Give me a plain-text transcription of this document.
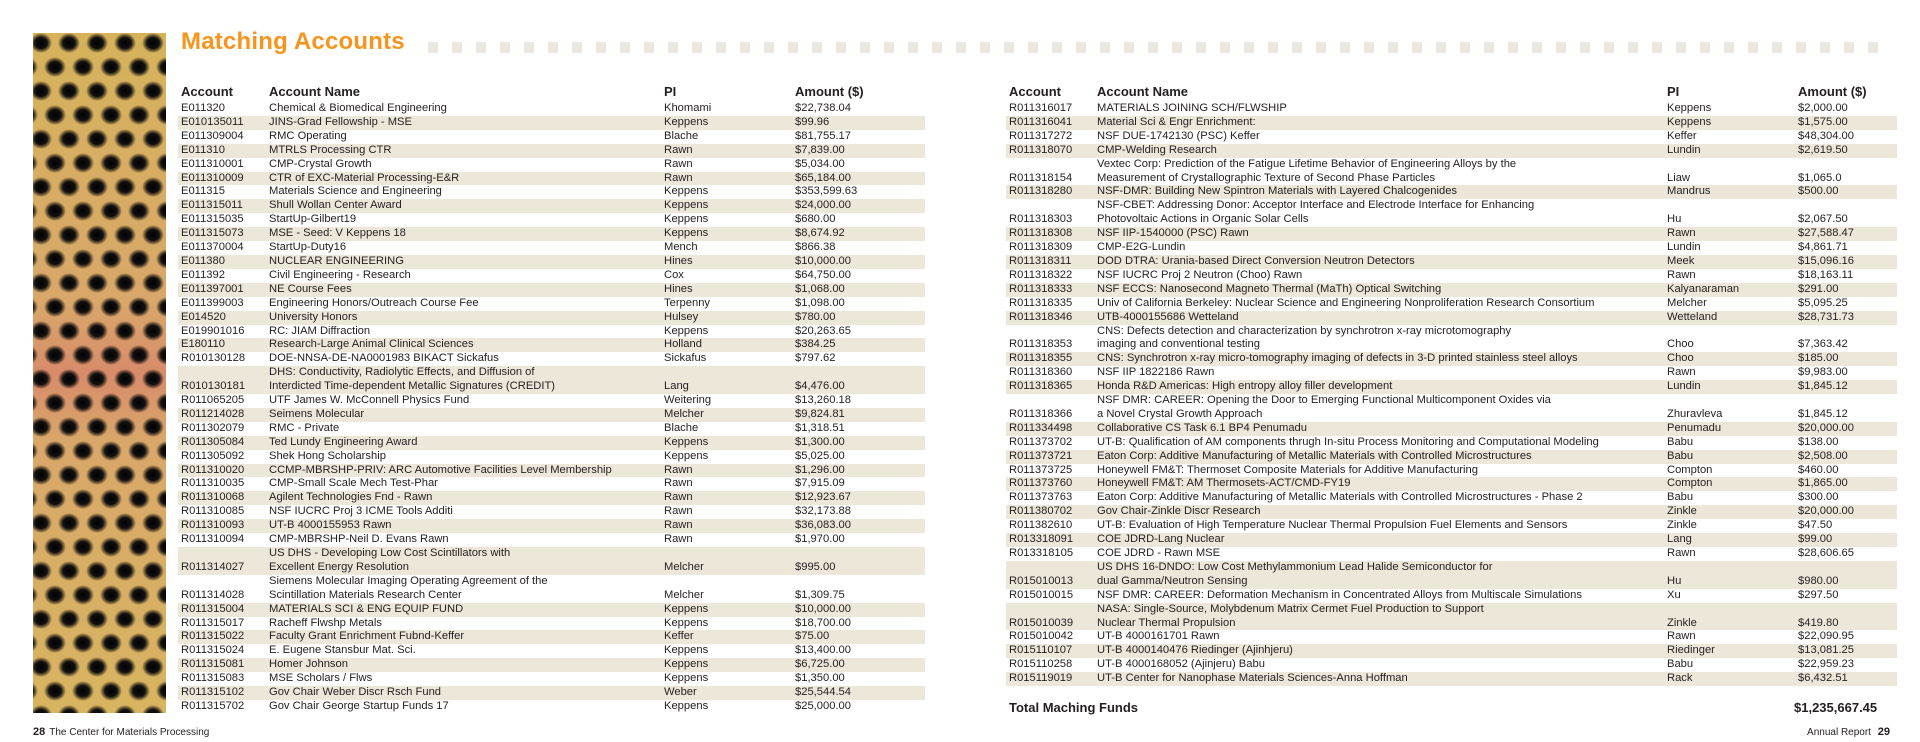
Matching Accounts
Account	Account Name	PI	Amount ($)
E011320	Chemical & Biomedical Engineering	Khomami	$22,738.04
E010135011	JINS-Grad Fellowship - MSE	Keppens	$99.96
E011309004	RMC Operating	Blache	$81,755.17
E011310	MTRLS Processing CTR	Rawn	$7,839.00
E011310001	CMP-Crystal Growth	Rawn	$5,034.00
E011310009	CTR of EXC-Material Processing-E&R	Rawn	$65,184.00
E011315	Materials Science and Engineering	Keppens	$353,599.63
E011315011	Shull Wollan Center Award	Keppens	$24,000.00
E011315035	StartUp-Gilbert19	Keppens	$680.00
E011315073	MSE - Seed: V Keppens 18	Keppens	$8,674.92
E011370004	StartUp-Duty16	Mench	$866.38
E011380	NUCLEAR ENGINEERING	Hines	$10,000.00
E011392	Civil Engineering - Research	Cox	$64,750.00
E011397001	NE Course Fees	Hines	$1,068.00
E011399003	Engineering Honors/Outreach Course Fee	Terpenny	$1,098.00
E014520	University Honors	Hulsey	$780.00
E019901016	RC: JIAM Diffraction	Keppens	$20,263.65
E180110	Research-Large Animal Clinical Sciences	Holland	$384.25
R010130128	DOE-NNSA-DE-NA0001983 BIKACT Sickafus	Sickafus	$797.62
R010130181	DHS: Conductivity, Radiolytic Effects, and Diffusion of
Interdicted Time-dependent Metallic Signatures (CREDIT)	Lang	$4,476.00
R011065205	UTF James W. McConnell Physics Fund	Weitering	$13,260.18
R011214028	Seimens Molecular	Melcher	$9,824.81
R011302079	RMC - Private	Blache	$1,318.51
R011305084	Ted Lundy Engineering Award	Keppens	$1,300.00
R011305092	Shek Hong Scholarship	Keppens	$5,025.00
R011310020	CCMP-MBRSHP-PRIV: ARC Automotive Facilities Level Membership	Rawn	$1,296.00
R011310035	CMP-Small Scale Mech Test-Phar	Rawn	$7,915.09
R011310068	Agilent Technologies Fnd - Rawn	Rawn	$12,923.67
R011310085	NSF IUCRC Proj 3 ICME Tools Additi	Rawn	$32,173.88
R011310093	UT-B 4000155953 Rawn	Rawn	$36,083.00
R011310094	CMP-MBRSHP-Neil D. Evans Rawn	Rawn	$1,970.00
R011314027	US DHS - Developing Low Cost Scintillators with
Excellent Energy Resolution	Melcher	$995.00
R011314028	Siemens Molecular Imaging Operating Agreement of the
Scintillation Materials Research Center	Melcher	$1,309.75
R011315004	MATERIALS SCI & ENG EQUIP FUND	Keppens	$10,000.00
R011315017	Racheff Flwshp Metals	Keppens	$18,700.00
R011315022	Faculty Grant Enrichment Fubnd-Keffer	Keffer	$75.00
R011315024	E. Eugene Stansbur Mat. Sci.	Keppens	$13,400.00
R011315081	Homer Johnson	Keppens	$6,725.00
R011315083	MSE Scholars / Flws	Keppens	$1,350.00
R011315102	Gov Chair Weber Discr Rsch Fund	Weber	$25,544.54
R011315702	Gov Chair George Startup Funds 17	Keppens	$25,000.00
Account	Account Name	PI	Amount ($)
R011316017	MATERIALS JOINING SCH/FLWSHIP	Keppens	$2,000.00
R011316041	Material Sci & Engr Enrichment:	Keppens	$1,575.00
R011317272	NSF DUE-1742130 (PSC) Keffer	Keffer	$48,304.00
R011318070	CMP-Welding Research	Lundin	$2,619.50
R011318154	Vextec Corp: Prediction of the Fatigue Lifetime Behavior of Engineering Alloys by the
Measurement of Crystallographic Texture of Second Phase Particles	Liaw	$1,065.0
R011318280	NSF-DMR: Building New Spintron Materials with Layered Chalcogenides	Mandrus	$500.00
R011318303	NSF-CBET: Addressing Donor: Acceptor Interface and Electrode Interface for Enhancing
Photovoltaic Actions in Organic Solar Cells	Hu	$2,067.50
R011318308	NSF IIP-1540000 (PSC) Rawn	Rawn	$27,588.47
R011318309	CMP-E2G-Lundin	Lundin	$4,861.71
R011318311	DOD DTRA: Urania-based Direct Conversion Neutron Detectors	Meek	$15,096.16
R011318322	NSF IUCRC Proj 2 Neutron (Choo) Rawn	Rawn	$18,163.11
R011318333	NSF ECCS: Nanosecond Magneto Thermal (MaTh) Optical Switching	Kalyanaraman	$291.00
R011318335	Univ of California Berkeley: Nuclear Science and Engineering Nonproliferation Research Consortium	Melcher	$5,095.25
R011318346	UTB-4000155686 Wetteland	Wetteland	$28,731.73
R011318353	CNS: Defects detection and characterization by synchrotron x-ray microtomography
imaging and conventional testing	Choo	$7,363.42
R011318355	CNS: Synchrotron x-ray micro-tomography imaging of defects in 3-D printed stainless steel alloys	Choo	$185.00
R011318360	NSF IIP 1822186 Rawn	Rawn	$9,983.00
R011318365	Honda R&D Americas: High entropy alloy filler development	Lundin	$1,845.12
R011318366	NSF DMR: CAREER: Opening the Door to Emerging Functional Multicomponent Oxides via
a Novel Crystal Growth Approach	Zhuravleva	$1,845.12
R011334498	Collaborative CS Task 6.1 BP4 Penumadu	Penumadu	$20,000.00
R011373702	UT-B: Qualification of AM components thrugh In-situ Process Monitoring and Computational Modeling	Babu	$138.00
R011373721	Eaton Corp: Additive Manufacturing of Metallic Materials with Controlled Microstructures	Babu	$2,508.00
R011373725	Honeywell FM&T: Thermoset Composite Materials for Additive Manufacturing	Compton	$460.00
R011373760	Honeywell FM&T: AM Thermosets-ACT/CMD-FY19	Compton	$1,865.00
R011373763	Eaton Corp: Additive Manufacturing of Metallic Materials with Controlled Microstructures - Phase 2	Babu	$300.00
R011380702	Gov Chair-Zinkle Discr Research	Zinkle	$20,000.00
R011382610	UT-B: Evaluation of High Temperature Nuclear Thermal Propulsion Fuel Elements and Sensors	Zinkle	$47.50
R013318091	COE JDRD-Lang Nuclear	Lang	$99.00
R013318105	COE JDRD - Rawn MSE	Rawn	$28,606.65
R015010013	US DHS 16-DNDO: Low Cost Methylammonium Lead Halide Semiconductor for
dual Gamma/Neutron Sensing	Hu	$980.00
R015010015	NSF DMR: CAREER: Deformation Mechanism in Concentrated Alloys from Multiscale Simulations	Xu	$297.50
R015010039	NASA: Single-Source, Molybdenum Matrix Cermet Fuel Production to Support
Nuclear Thermal Propulsion	Zinkle	$419.80
R015010042	UT-B 4000161701 Rawn	Rawn	$22,090.95
R015110107	UT-B 4000140476 Riedinger (Ajinhjeru)	Riedinger	$13,081.25
R015110258	UT-B 4000168052 (Ajinjeru) Babu	Babu	$22,959.23
R015119019	UT-B Center for Nanophase Materials Sciences-Anna Hoffman	Rack	$6,432.51
Total Maching Funds	$1,235,667.45
28 The Center for Materials Processing	Annual Report 29
